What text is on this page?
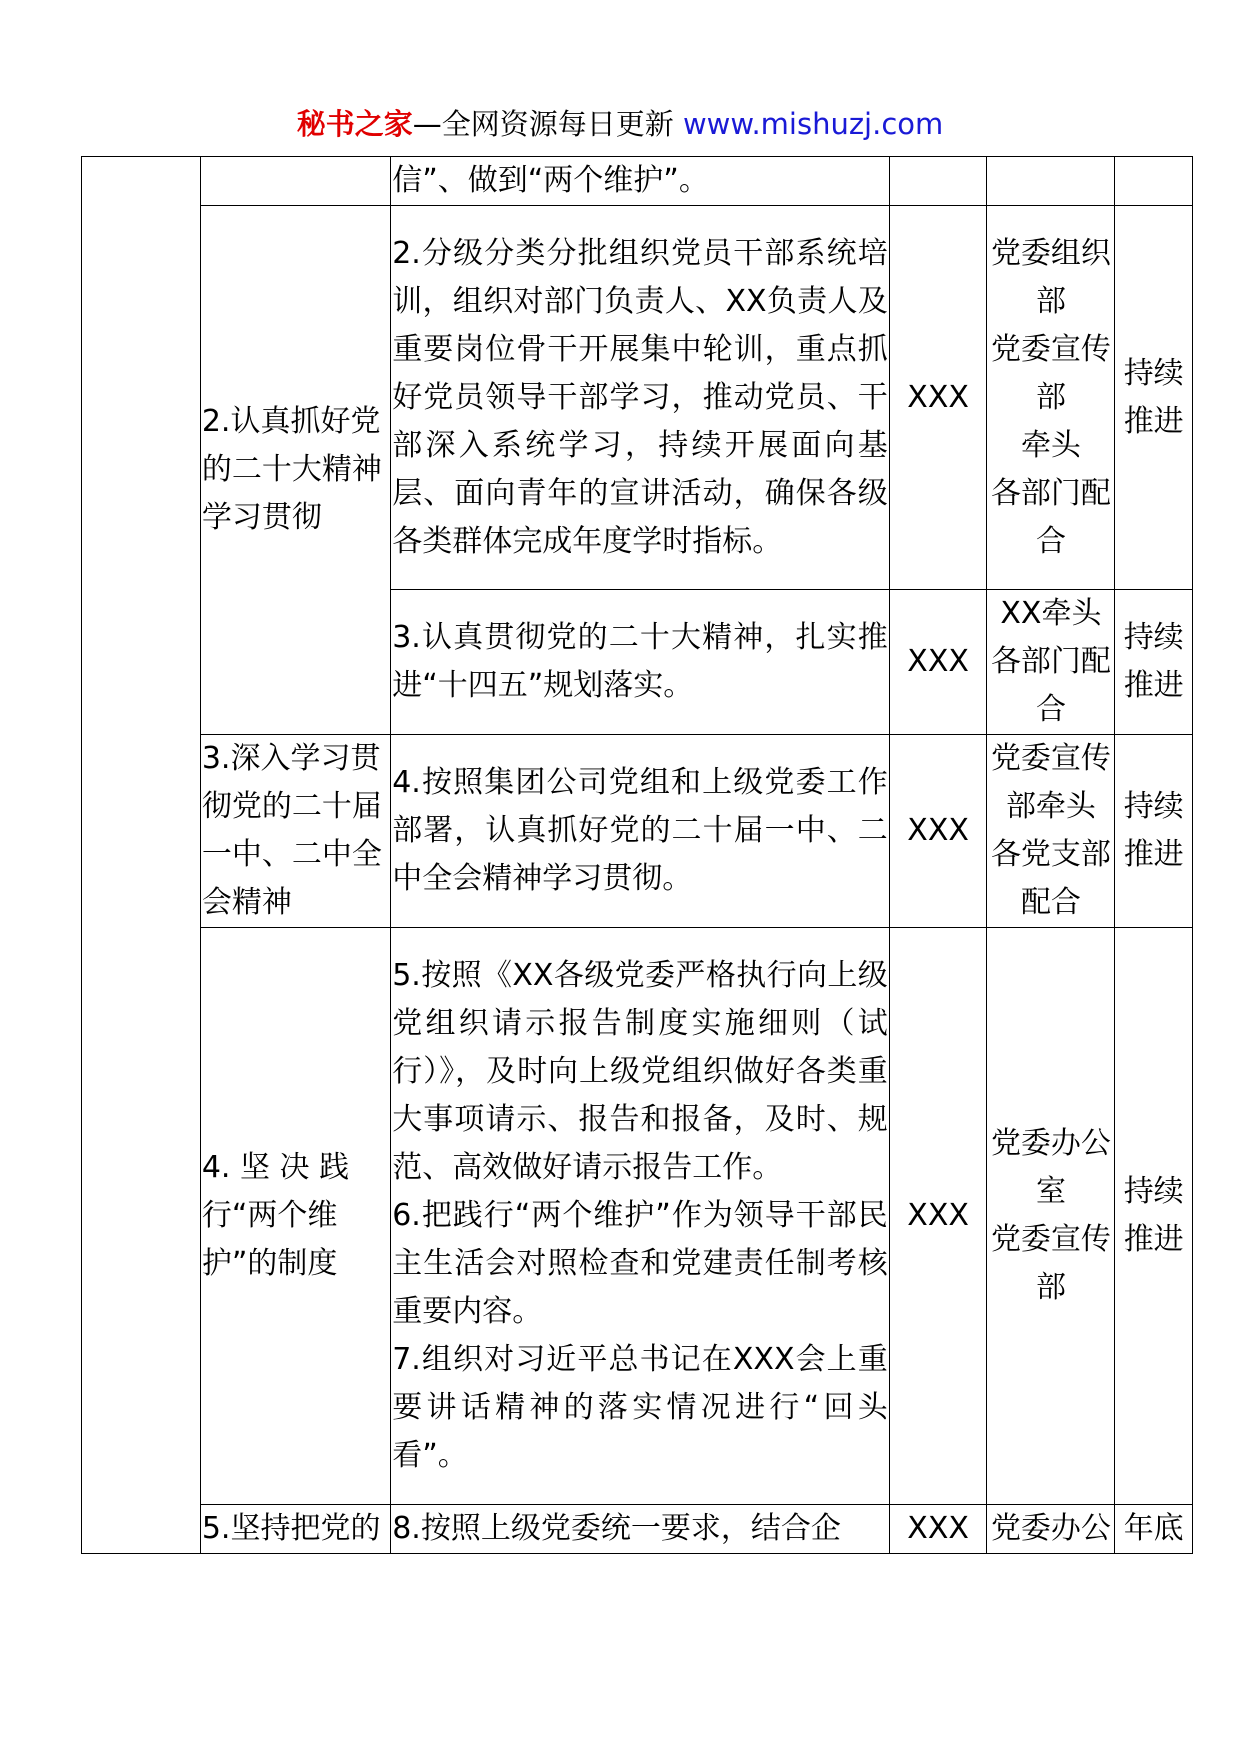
秘书之家—全网资源每日更新 www.mishuzj.com

		信”、做到“两个维护”。			

	2.认真抓好党的二十大精神学习贯彻	2.分级分类分批组织党员干部系统培训，组织对部门负责人、XX负责人及重要岗位骨干开展集中轮训，重点抓好党员领导干部学习，推动党员、干部深入系统学习，持续开展面向基层、面向青年的宣讲活动，确保各级各类群体完成年度学时指标。	XXX	党委组织部
党委宣传部
牵头
各部门配合	持续推进

		3.认真贯彻党的二十大精神，扎实推进“十四五”规划落实。	XXX	XX牵头
各部门配合	持续推进
	3.深入学习贯彻党的二十届一中、二中全会精神	4.按照集团公司党组和上级党委工作部署，认真抓好党的二十届一中、二中全会精神学习贯彻。	XXX	党委宣传部牵头
各党支部配合	持续推进
	4. 坚 决 践 行“两个维护”的制度	5.按照《XX各级党委严格执行向上级党组织请示报告制度实施细则（试行）》，及时向上级党组织做好各类重大事项请示、报告和报备，及时、规范、高效做好请示报告工作。
6.把践行“两个维护”作为领导干部民主生活会对照检查和党建责任制考核重要内容。
7.组织对习近平总书记在XXX会上重要讲话精神的落实情况进行“回头看”。	XXX	党委办公室
党委宣传部	持续推进
	5.坚持把党的	8.按照上级党委统一要求，结合企	XXX	党委办公	年底
